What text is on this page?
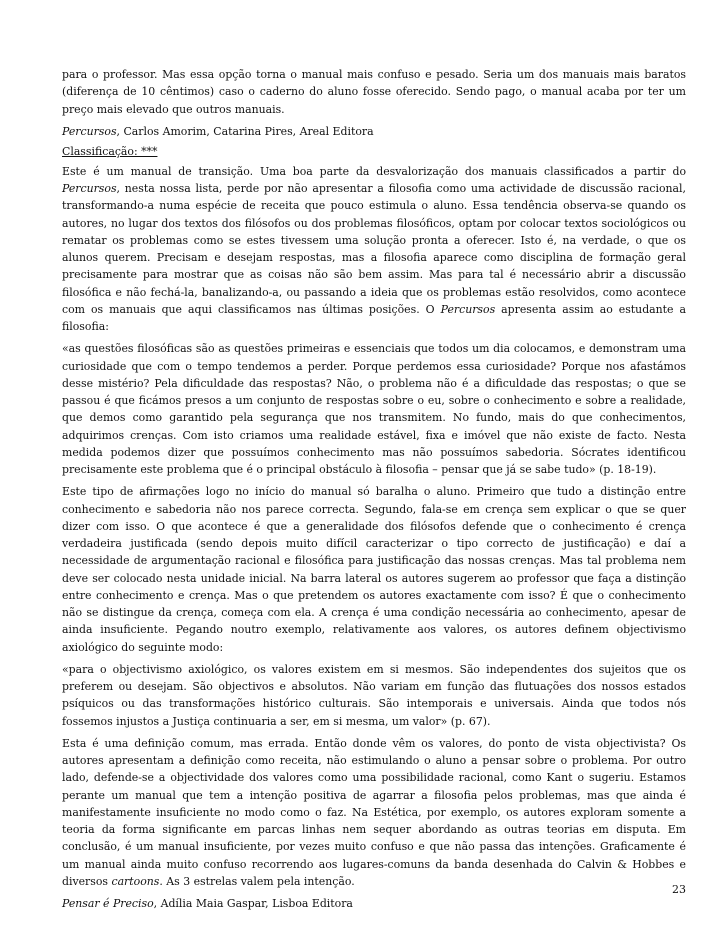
para o professor. Mas essa opção torna o manual mais confuso e pesado. Seria um dos manuais mais baratos (diferença de 10 cêntimos) caso o caderno do aluno fosse oferecido. Sendo pago, o manual acaba por ter um preço mais elevado que outros manuais.

Percursos, Carlos Amorim, Catarina Pires, Areal Editora

Classificação: ***

Este é um manual de transição. Uma boa parte da desvalorização dos manuais classificados a partir do Percursos, nesta nossa lista, perde por não apresentar a filosofia como uma actividade de discussão racional, transformando-a numa espécie de receita que pouco estimula o aluno. Essa tendência observa-se quando os autores, no lugar dos textos dos filósofos ou dos problemas filosóficos, optam por colocar textos sociológicos ou rematar os problemas como se estes tivessem uma solução pronta a oferecer. Isto é, na verdade, o que os alunos querem. Precisam e desejam respostas, mas a filosofia aparece como disciplina de formação geral precisamente para mostrar que as coisas não são bem assim. Mas para tal é necessário abrir a discussão filosófica e não fechá-la, banalizando-a, ou passando a ideia que os problemas estão resolvidos, como acontece com os manuais que aqui classificamos nas últimas posições. O Percursos apresenta assim ao estudante a filosofia:

«as questões filosóficas são as questões primeiras e essenciais que todos um dia colocamos, e demonstram uma curiosidade que com o tempo tendemos a perder. Porque perdemos essa curiosidade? Porque nos afastámos desse mistério? Pela dificuldade das respostas? Não, o problema não é a dificuldade das respostas; o que se passou é que ficámos presos a um conjunto de respostas sobre o eu, sobre o conhecimento e sobre a realidade, que demos como garantido pela segurança que nos transmitem. No fundo, mais do que conhecimentos, adquirimos crenças. Com isto criamos uma realidade estável, fixa e imóvel que não existe de facto. Nesta medida podemos dizer que possuímos conhecimento mas não possuímos sabedoria. Sócrates identificou precisamente este problema que é o principal obstáculo à filosofia – pensar que já se sabe tudo» (p. 18-19).

Este tipo de afirmações logo no início do manual só baralha o aluno. Primeiro que tudo a distinção entre conhecimento e sabedoria não nos parece correcta. Segundo, fala-se em crença sem explicar o que se quer dizer com isso. O que acontece é que a generalidade dos filósofos defende que o conhecimento é crença verdadeira justificada (sendo depois muito difícil caracterizar o tipo correcto de justificação) e daí a necessidade de argumentação racional e filosófica para justificação das nossas crenças. Mas tal problema nem deve ser colocado nesta unidade inicial. Na barra lateral os autores sugerem ao professor que faça a distinção entre conhecimento e crença. Mas o que pretendem os autores exactamente com isso? É que o conhecimento não se distingue da crença, começa com ela. A crença é uma condição necessária ao conhecimento, apesar de ainda insuficiente. Pegando noutro exemplo, relativamente aos valores, os autores definem objectivismo axiológico do seguinte modo:

«para o objectivismo axiológico, os valores existem em si mesmos. São independentes dos sujeitos que os preferem ou desejam. São objectivos e absolutos. Não variam em função das flutuações dos nossos estados psíquicos ou das transformações histórico culturais. São intemporais e universais. Ainda que todos nós fossemos injustos a Justiça continuaria a ser, em si mesma, um valor» (p. 67).

Esta é uma definição comum, mas errada. Então donde vêm os valores, do ponto de vista objectivista? Os autores apresentam a definição como receita, não estimulando o aluno a pensar sobre o problema. Por outro lado, defende-se a objectividade dos valores como uma possibilidade racional, como Kant o sugeriu. Estamos perante um manual que tem a intenção positiva de agarrar a filosofia pelos problemas, mas que ainda é manifestamente insuficiente no modo como o faz. Na Estética, por exemplo, os autores exploram somente a teoria da forma significante em parcas linhas nem sequer abordando as outras teorias em disputa. Em conclusão, é um manual insuficiente, por vezes muito confuso e que não passa das intenções. Graficamente é um manual ainda muito confuso recorrendo aos lugares-comuns da banda desenhada do Calvin & Hobbes e diversos cartoons. As 3 estrelas valem pela intenção.

Pensar é Preciso, Adília Maia Gaspar, Lisboa Editora

23
